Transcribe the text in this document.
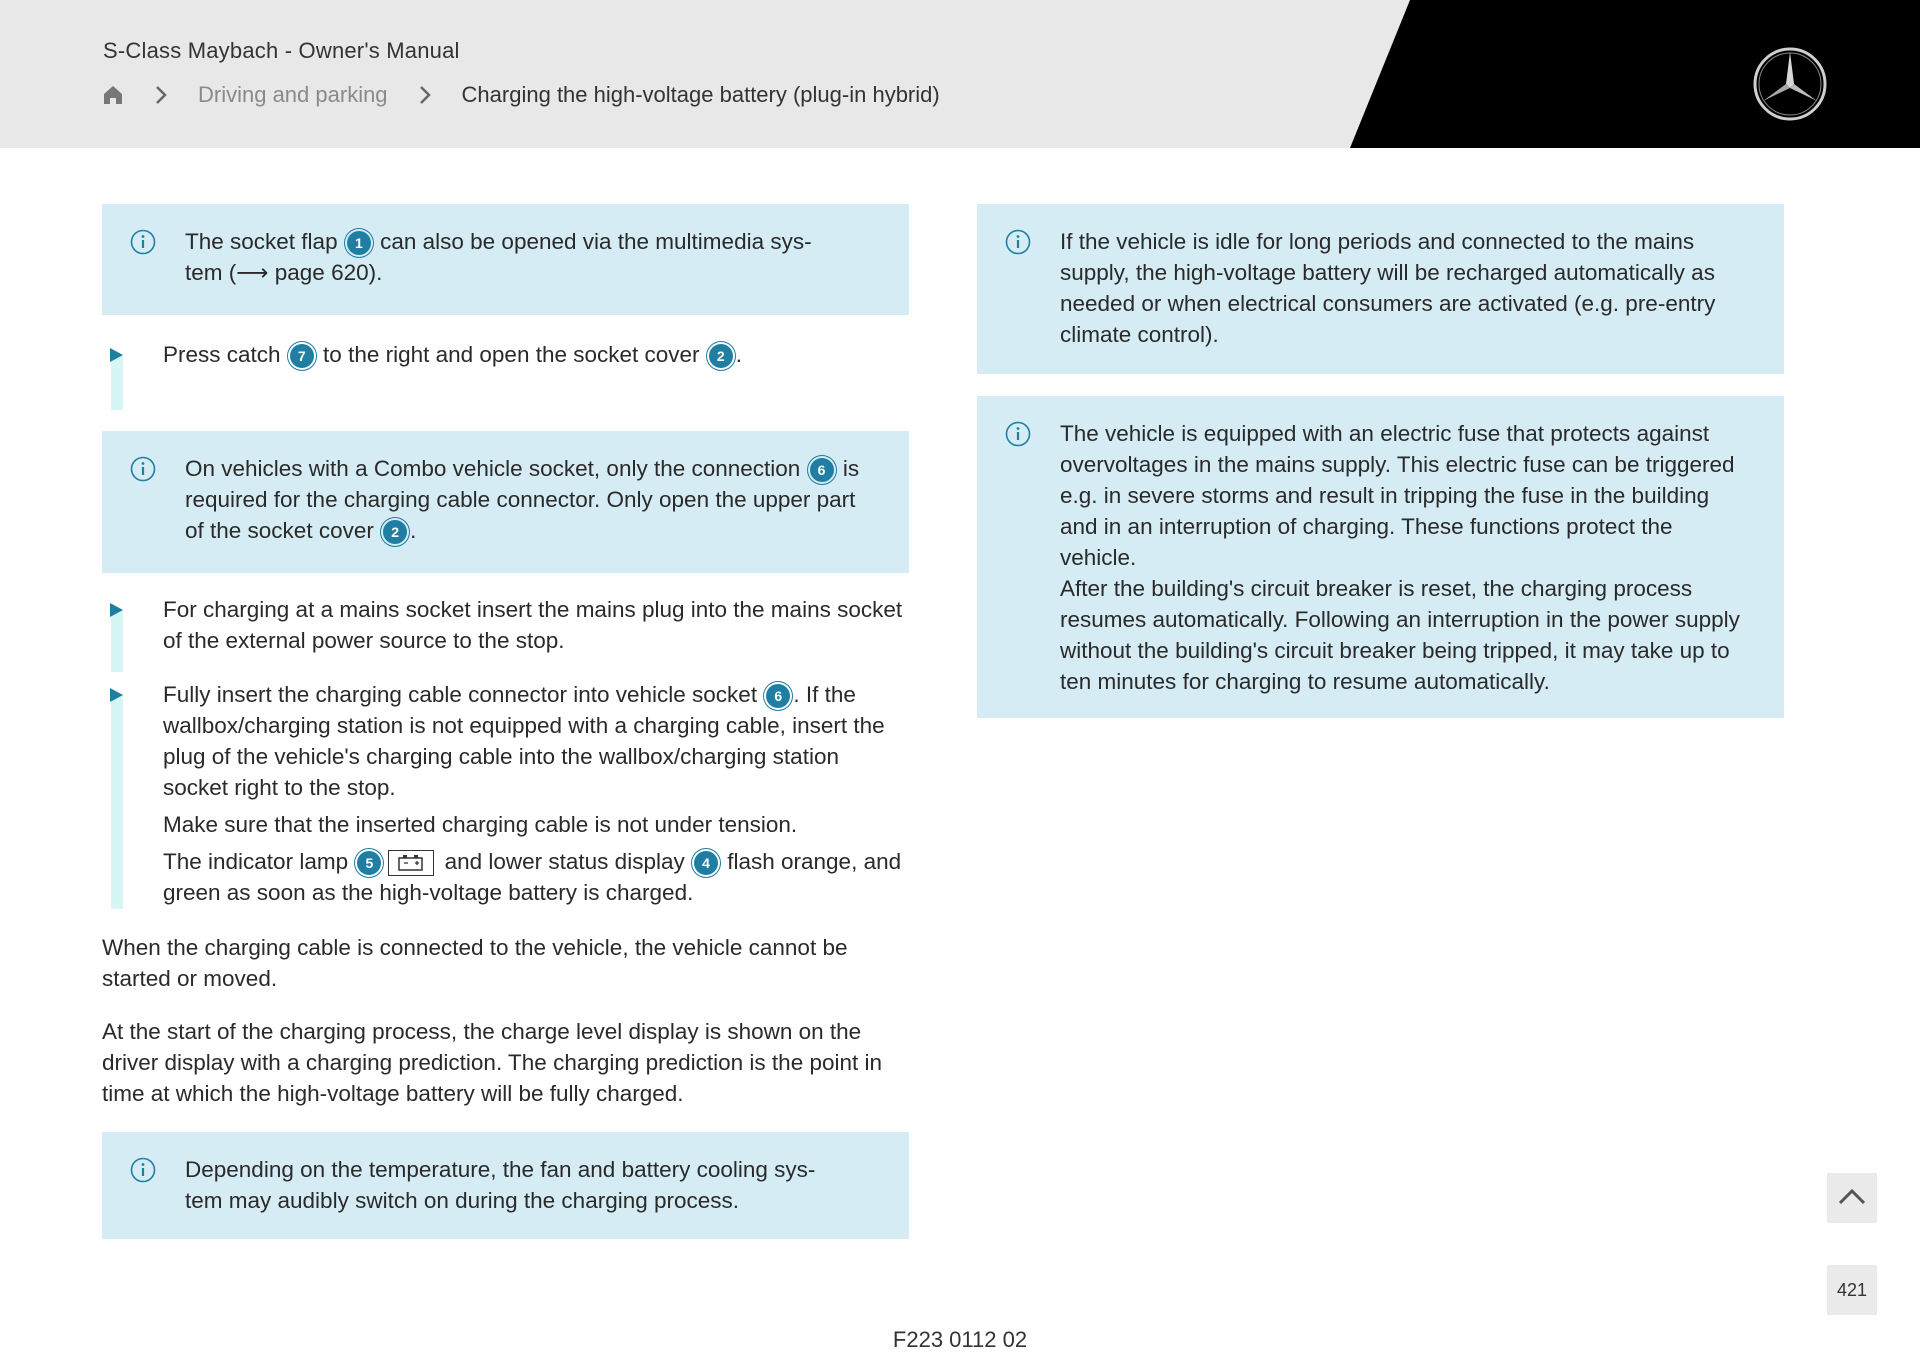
S-Class Maybach - Owner's Manual
Driving and parking	Charging the high-voltage battery (plug-in hybrid)
The socket flap 1 can also be opened via the multimedia sys-
tem (⟶ page 620).

Press catch 7 to the right and open the socket cover 2 .

On vehicles with a Combo vehicle socket, only the connection 6 is required for the charging cable connector. Only open the upper part of the socket cover 2 .

For charging at a mains socket insert the mains plug into the mains socket of the external power source to the stop.

Fully insert the charging cable connector into vehicle socket 6 . If the wallbox/charging station is not equipped with a charging cable, insert the plug of the vehicle's charging cable into the wallbox/charging station socket right to the stop.

Make sure that the inserted charging cable is not under tension.

The indicator lamp 5	and lower status display 4 flash orange, and green as soon as the high-voltage battery is charged.

When the charging cable is connected to the vehicle, the vehicle cannot be started or moved.

At the start of the charging process, the charge level display is shown on the driver display with a charging prediction. The charging prediction is the point in time at which the high-voltage battery will be fully charged.

Depending on the temperature, the fan and battery cooling sys-
tem may audibly switch on during the charging process.
If the vehicle is idle for long periods and connected to the mains supply, the high-voltage battery will be recharged automatically as needed or when electrical consumers are activated (e.g. pre-entry climate control).
The vehicle is equipped with an electric fuse that protects against overvoltages in the mains supply. This electric fuse can be triggered e.g. in severe storms and result in tripping the fuse in the building and in an interruption of charging. These functions protect the vehicle.
After the building's circuit breaker is reset, the charging process resumes automatically. Following an interruption in the power supply without the building's circuit breaker being tripped, it may take up to ten minutes for charging to resume automatically.
421
F223 0112 02
